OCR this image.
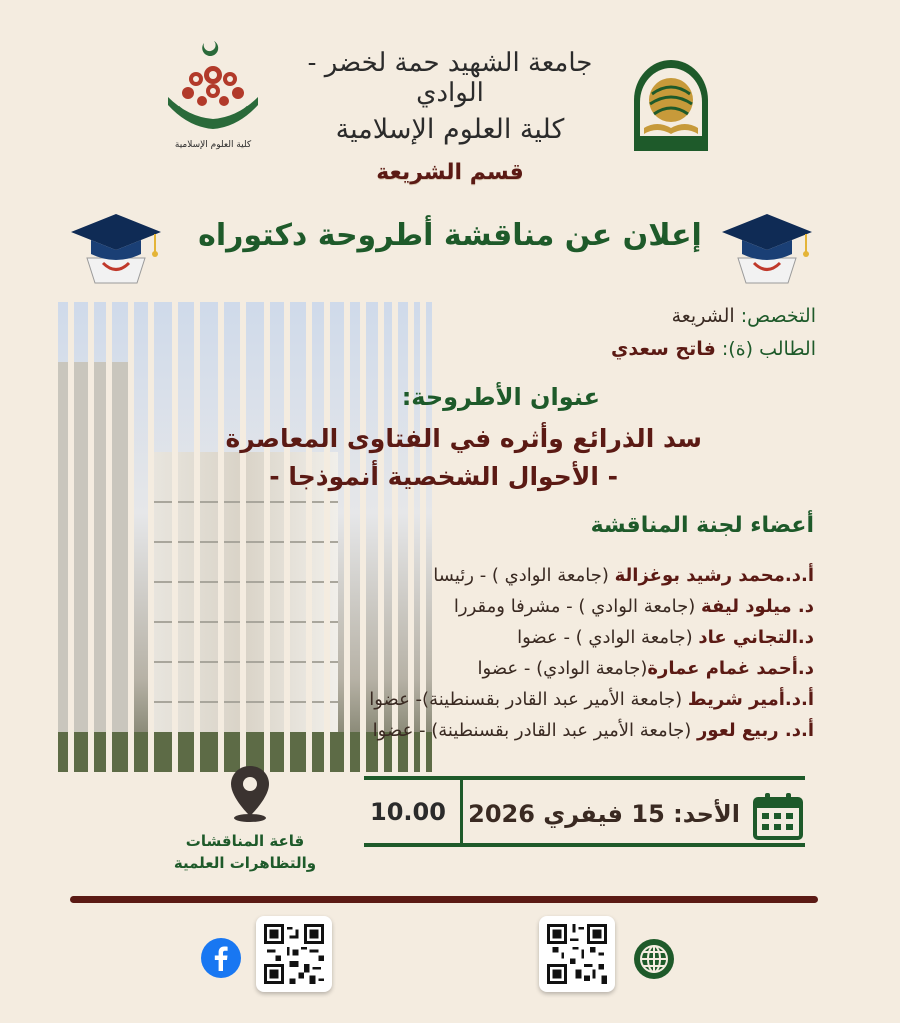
كلية العلوم الإسلامية
جامعة الشهيد حمة لخضر - الوادي
كلية العلوم الإسلامية
قسم الشريعة
إعلان عن مناقشة أطروحة دكتوراه
التخصص: الشريعة
الطالب (ة): فاتح سعدي
عنوان الأطروحة:
سد الذرائع وأثره في الفتاوى المعاصرة
- الأحوال الشخصية أنموذجا -
أعضاء لجنة المناقشة
أ.د.محمد رشيد بوغزالة (جامعة الوادي ) - رئيسا
د. ميلود ليفة (جامعة الوادي ) - مشرفا ومقررا
د.التجاني عاد (جامعة الوادي ) - عضوا
د.أحمد غمام عمارة(جامعة الوادي) - عضوا
أ.د.أمير شريط (جامعة الأمير عبد القادر بقسنطينة)- عضوا
أ.د. ربيع لعور (جامعة الأمير عبد القادر بقسنطينة) - عضوا
قاعة المناقشات
والتظاهرات العلمية
10.00 الأحد: 15 فيفري 2026
